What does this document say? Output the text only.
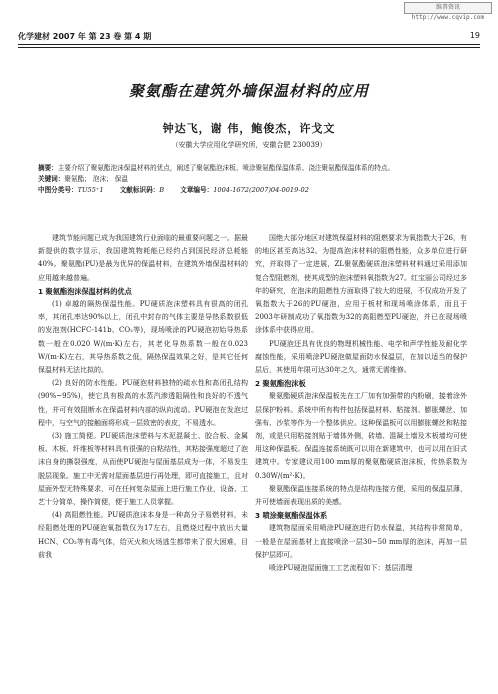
维普资讯 http://www.cqvip.com
化学建材 2007 年 第 23 卷 第 4 期	19
聚氨酯在建筑外墙保温材料的应用
钟达飞，谢 伟，鲍俊杰，许戈文
（安徽大学应用化学研究所，安徽合肥 230039）
摘要：主要介绍了聚氨酯泡沫保温材料的优点，阐述了聚氨酯泡沫板、喷涂聚氨酯保温体系、浇注聚氨酯保温体系的特点。
关键词：聚氨酯； 泡沫； 保温
中图分类号：TU55⁺1 文献标识码：B 文章编号：1004-1672(2007)04-0019-02

建筑节能问题已成为我国建筑行业面临的最重要问题之一。据最新提供的数字显示，我国建筑物耗能已经约占到国民经济总耗能40%。聚氨酯(PU)是最为优异的保温材料，在建筑外墙保温材料的应用越来越普遍。

1 聚氨酯泡沫保温材料的优点

(1) 卓越的隔热保温性能。PU硬质泡沫塑料具有很高的闭孔率，其闭孔率达90%以上，闭孔中封存的气体主要是导热系数很低的发泡剂(HCFC-141b、CO₂等)，现场喷涂的PU硬泡初始导热系数一般在0.020 W/(m·K)左右，其老化导热系数一般在0.023 W/(m·K)左右，其导热系数之低，隔热保温效果之好，是其它任何保温材料无法比拟的。

(2) 良好的防水性能。PU硬泡材料独特的疏水性和高闭孔结构(90%~95%)，使它具有极高的水蒸汽渗透阻隔性和良好的不透气性，并可有效阻断水在保温材料内部的纵向流动。PU硬泡在发泡过程中，与空气的接触面将形成一层致密的表皮，不易透水。

(3) 施工简便。PU硬质泡沫塑料与木泥混凝土、胶合板、金属板、木板、纤维板等材料具有很强的自粘结性，其粘接强度超过了泡沫自身的撕裂强度，从而使PU硬泡与屋面基层成为一体，不易发生脱层现象。施工中无需对屋面基层进行再处理，即可直接施工，且对屋面外型无特殊要求，可在任何复杂屋面上进行施工作业，设备、工艺十分简单，操作简便，便于施工人员掌握。

(4) 高阻燃性能。PU硬质泡沫本身是一种高分子易燃材料，未经阻燃处理的PU硬泡氧指数仅为17左右，且燃烧过程中放出大量HCN、CO₂等有毒气体，给灭火和火场逃生都带来了很大困难，目前我

国绝大部分地区对建筑保温材料的阻燃要求为氧指数大于26，有的地区甚至高达32。为提高泡沫材料的阻燃性能，众多单位进行研究，并取得了一定进展，ZL聚氨酯硬质泡沫塑料材料通过采用添加复合型阻燃剂，使其成型的泡沫塑料氧指数为27。红宝丽公司经过多年的研究，在泡沫的阻燃性方面取得了较大的进展，不仅成功开发了氧指数大于26的PU硬泡，应用于板材和现场喷涂体系，而且于2003年研制成功了氧指数为32的高阻燃型PU硬泡，并已在现场喷涂体系中获得应用。

PU硬泡还具有优良的物理机械性能、电学和声学性能及耐化学腐蚀性能，采用喷涂PU硬泡做屋面防水保温层，在加以适当的保护层后，其使用年限可达30年之久，通常无需维修。

2 聚氨酯泡沫板

聚氨酯硬质泡沫保温板先在工厂加有加强带的内粉刷，接着涂外层保护粉料。系统中所有构件包括保温材料、粘接剂、膨胀螺丝、加强布、沙浆等作为一个整体供应。这种保温板可以用膨胀螺丝和粘接剂，或是只用粘接剂贴于墙体外侧，砖墙、混凝土墙及木板墙均可使用这种保温板。保温连接系统既可以用在新建筑中，也可以用在旧式建筑中。专家建议用100 mm厚的聚氨酯硬质泡沫板，传热系数为0.30W/(m²·K)。

聚氨酯保温连接系统的特点是结构连接方便，采用的保温层薄，并可使墙面表现出质的美感。

3 喷涂聚氨酯保温体系

建筑物屋面采用喷涂PU硬泡进行防水保温，其结构非常简单，一般是在屋面基材上直接喷涂一层30~50 mm厚的泡沫，再加一层保护层即可。

喷涂PU硬泡屋面施工工艺流程如下：基层清理
